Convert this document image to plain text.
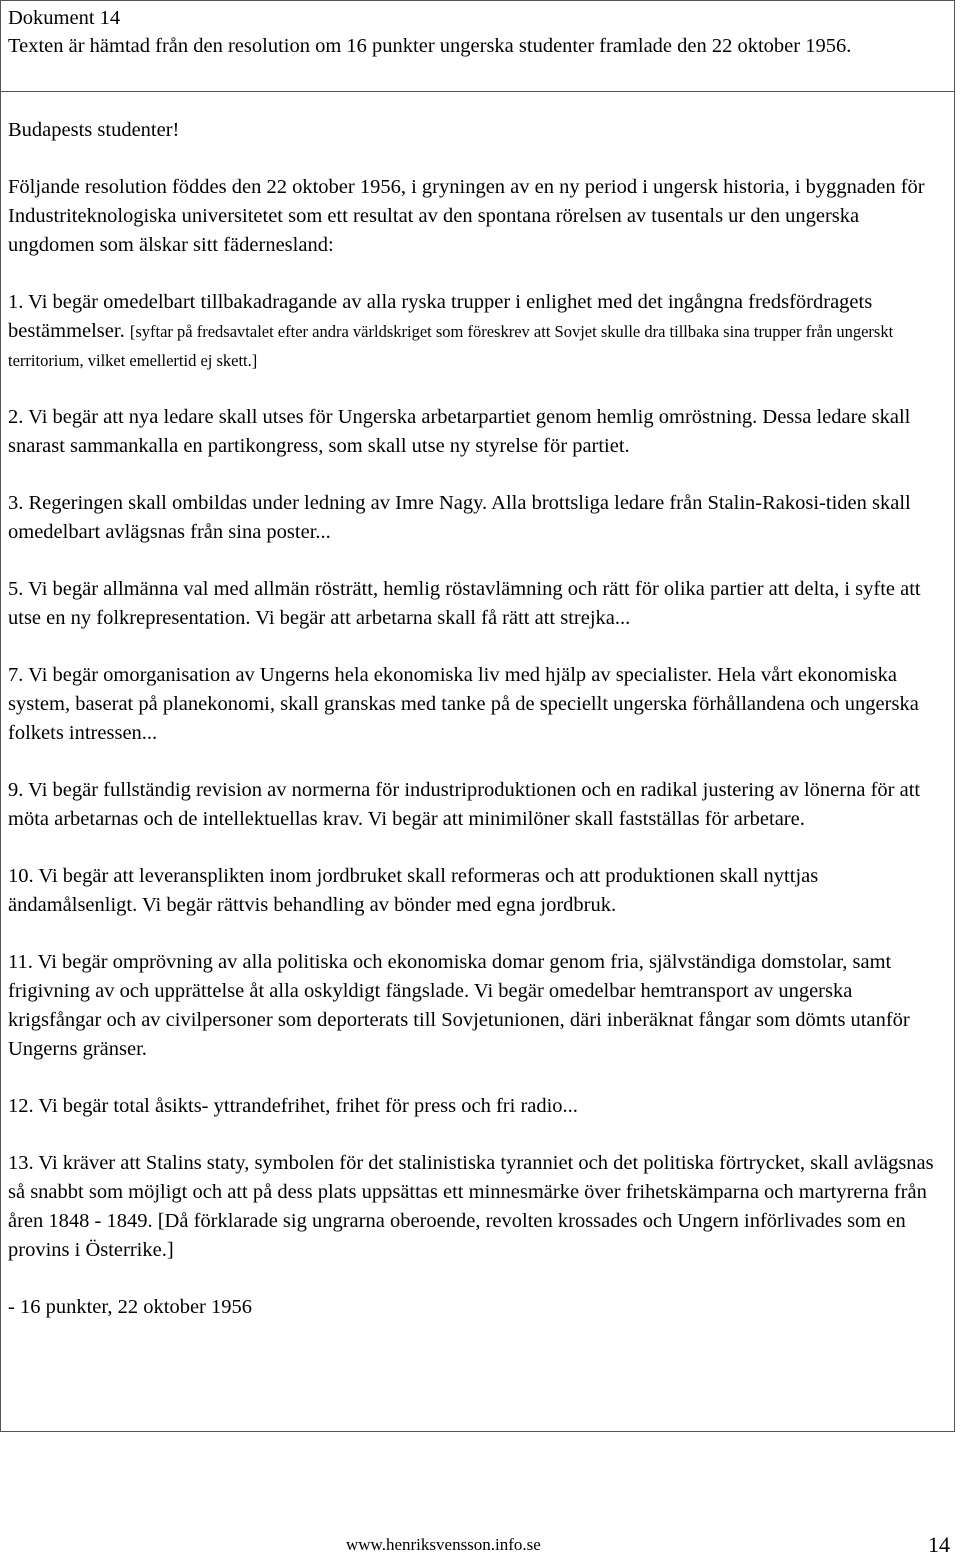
Dokument 14
Texten är hämtad från den resolution om 16 punkter ungerska studenter framlade den 22 oktober 1956.

Budapests studenter!

Följande resolution föddes den 22 oktober 1956, i gryningen av en ny period i ungersk historia, i byggnaden för Industriteknologiska universitetet som ett resultat av den spontana rörelsen av tusentals ur den ungerska ungdomen som älskar sitt fädernesland:

1. Vi begär omedelbart tillbakadragande av alla ryska trupper i enlighet med det ingångna fredsfördragets bestämmelser. [syftar på fredsavtalet efter andra världskriget som föreskrev att Sovjet skulle dra tillbaka sina trupper från ungerskt territorium, vilket emellertid ej skett.]

2. Vi begär att nya ledare skall utses för Ungerska arbetarpartiet genom hemlig omröstning. Dessa ledare skall snarast sammankalla en partikongress, som skall utse ny styrelse för partiet.

3. Regeringen skall ombildas under ledning av Imre Nagy. Alla brottsliga ledare från Stalin-Rakosi-tiden skall omedelbart avlägsnas från sina poster...

5. Vi begär allmänna val med allmän rösträtt, hemlig röstavlämning och rätt för olika partier att delta, i syfte att utse en ny folkrepresentation. Vi begär att arbetarna skall få rätt att strejka...

7. Vi begär omorganisation av Ungerns hela ekonomiska liv med hjälp av specialister. Hela vårt ekonomiska system, baserat på planekonomi, skall granskas med tanke på de speciellt ungerska förhållandena och ungerska folkets intressen...

9. Vi begär fullständig revision av normerna för industriproduktionen och en radikal justering av lönerna för att möta arbetarnas och de intellektuellas krav. Vi begär att minimilöner skall fastställas för arbetare.

10. Vi begär att leveransplikten inom jordbruket skall reformeras och att produktionen skall nyttjas ändamålsenligt. Vi begär rättvis behandling av bönder med egna jordbruk.

11. Vi begär omprövning av alla politiska och ekonomiska domar genom fria, självständiga domstolar, samt frigivning av och upprättelse åt alla oskyldigt fängslade. Vi begär omedelbar hemtransport av ungerska krigsfångar och av civilpersoner som deporterats till Sovjetunionen, däri inberäknat fångar som dömts utanför Ungerns gränser.

12. Vi begär total åsikts- yttrandefrihet, frihet för press och fri radio...

13. Vi kräver att Stalins staty, symbolen för det stalinistiska tyranniet och det politiska förtrycket, skall avlägsnas så snabbt som möjligt och att på dess plats uppsättas ett minnesmärke över frihetskämparna och martyrerna från åren 1848 - 1849. [Då förklarade sig ungrarna oberoende, revolten krossades och Ungern införlivades som en provins i Österrike.]

- 16 punkter, 22 oktober 1956

www.henriksvensson.info.se	14
